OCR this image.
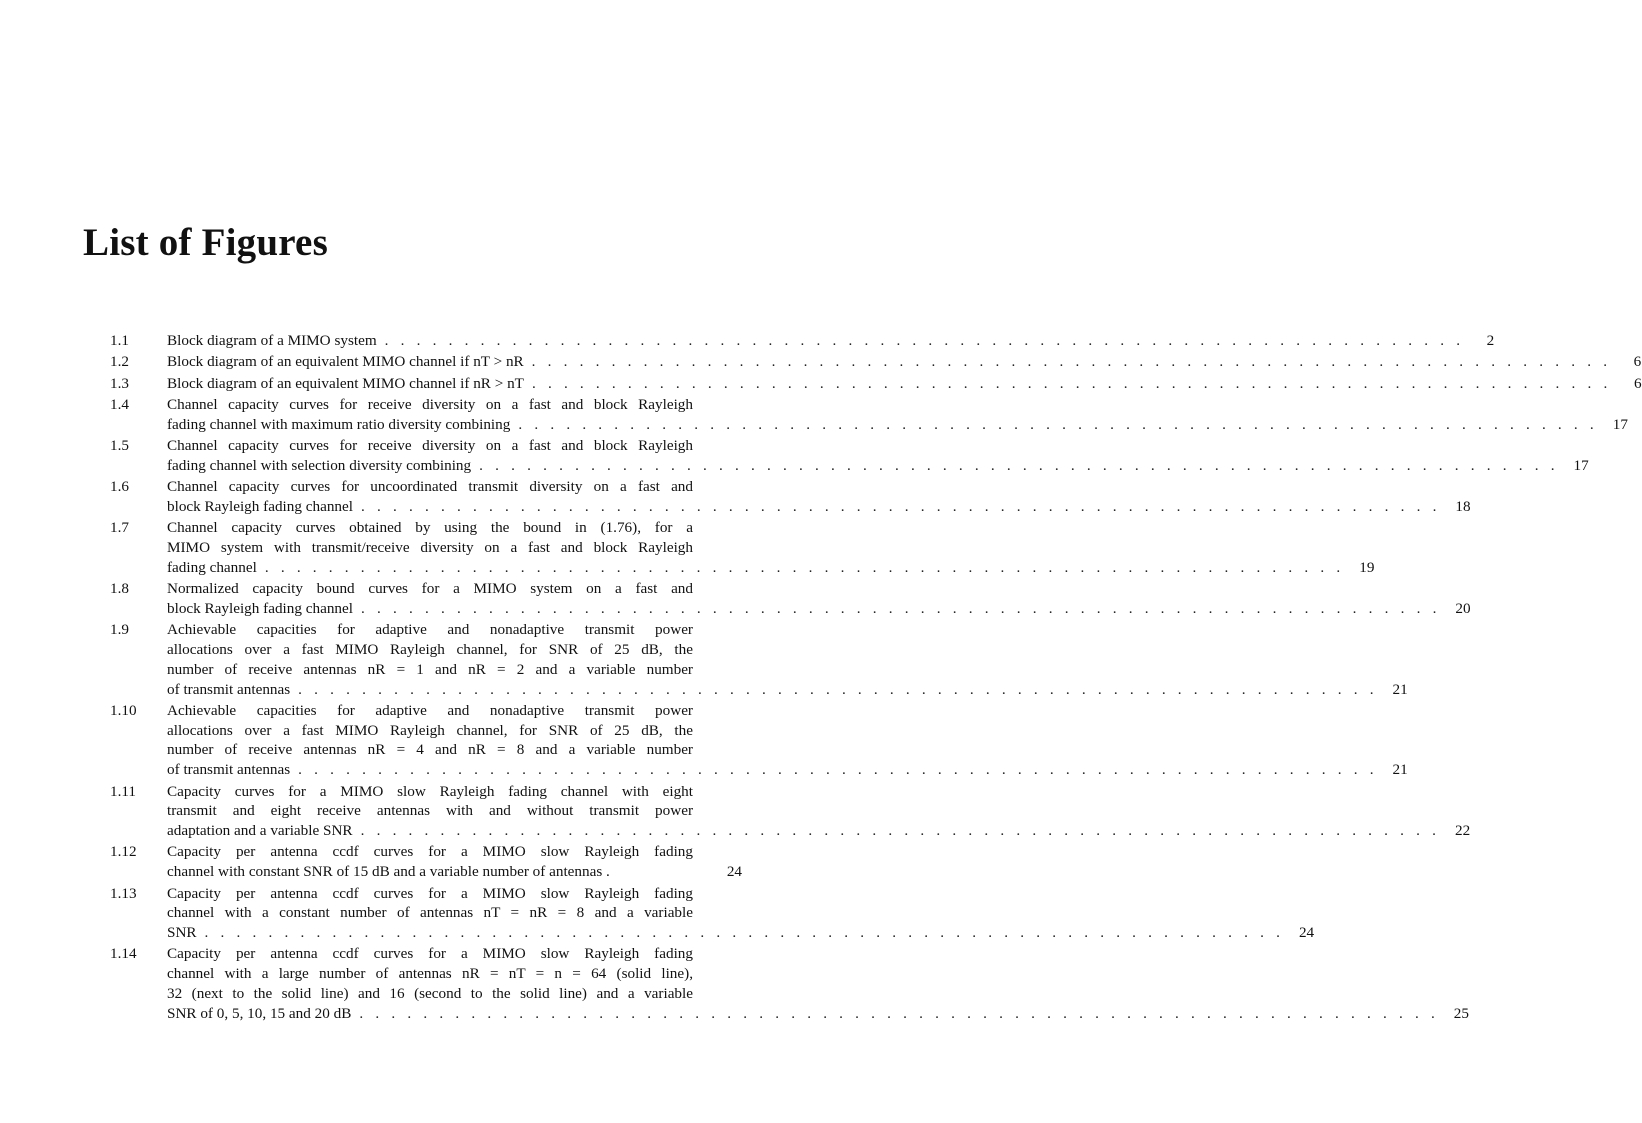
List of Figures
1.1	Block diagram of a MIMO system . . . . . . . . . . . . . . . . . . . . . . . . . . . . . . . . . . . . . . . . . . . . . . . . . . . . . . . . . . . . . . . . . . . .	2
1.2	Block diagram of an equivalent MIMO channel if nT > nR . . . . . . . . . . . . . . . . . . . . . . . . . . . . . . . . . . . . . . . . . . . . . . . . . . . . . . . . . . . . . . . . . . . .	6
1.3	Block diagram of an equivalent MIMO channel if nR > nT . . . . . . . . . . . . . . . . . . . . . . . . . . . . . . . . . . . . . . . . . . . . . . . . . . . . . . . . . . . . . . . . . . . .	6
1.4	Channel capacity curves for receive diversity on a fast and block Rayleigh
fading channel with maximum ratio diversity combining . . . . . . . . . . . . . . . . . . . . . . . . . . . . . . . . . . . . . . . . . . . . . . . . . . . . . . . . . . . . . . . . . . . . 17
1.5	Channel capacity curves for receive diversity on a fast and block Rayleigh
fading channel with selection diversity combining . . . . . . . . . . . . . . . . . . . . . . . . . . . . . . . . . . . . . . . . . . . . . . . . . . . . . . . . . . . . . . . . . . . . 17
1.6	Channel capacity curves for uncoordinated transmit diversity on a fast and
block Rayleigh fading channel . . . . . . . . . . . . . . . . . . . . . . . . . . . . . . . . . . . . . . . . . . . . . . . . . . . . . . . . . . . . . . . . . . . . 18
1.7	Channel capacity curves obtained by using the bound in (1.76), for a
MIMO system with transmit/receive diversity on a fast and block Rayleigh
fading channel . . . . . . . . . . . . . . . . . . . . . . . . . . . . . . . . . . . . . . . . . . . . . . . . . . . . . . . . . . . . . . . . . . . . 19
1.8	Normalized capacity bound curves for a MIMO system on a fast and
block Rayleigh fading channel . . . . . . . . . . . . . . . . . . . . . . . . . . . . . . . . . . . . . . . . . . . . . . . . . . . . . . . . . . . . . . . . . . . . 20
1.9	Achievable capacities for adaptive and nonadaptive transmit power
allocations over a fast MIMO Rayleigh channel, for SNR of 25 dB, the
number of receive antennas nR = 1 and nR = 2 and a variable number
of transmit antennas . . . . . . . . . . . . . . . . . . . . . . . . . . . . . . . . . . . . . . . . . . . . . . . . . . . . . . . . . . . . . . . . . . . . 21
1.10	Achievable capacities for adaptive and nonadaptive transmit power
allocations over a fast MIMO Rayleigh channel, for SNR of 25 dB, the
number of receive antennas nR = 4 and nR = 8 and a variable number
of transmit antennas . . . . . . . . . . . . . . . . . . . . . . . . . . . . . . . . . . . . . . . . . . . . . . . . . . . . . . . . . . . . . . . . . . . . 21
1.11	Capacity curves for a MIMO slow Rayleigh fading channel with eight
transmit and eight receive antennas with and without transmit power
adaptation and a variable SNR . . . . . . . . . . . . . . . . . . . . . . . . . . . . . . . . . . . . . . . . . . . . . . . . . . . . . . . . . . . . . . . . . . . . 22
1.12	Capacity per antenna ccdf curves for a MIMO slow Rayleigh fading
channel with constant SNR of 15 dB and a variable number of antennas .	24
1.13	Capacity per antenna ccdf curves for a MIMO slow Rayleigh fading
channel with a constant number of antennas nT = nR = 8 and a variable
SNR . . . . . . . . . . . . . . . . . . . . . . . . . . . . . . . . . . . . . . . . . . . . . . . . . . . . . . . . . . . . . . . . . . . . 24
1.14	Capacity per antenna ccdf curves for a MIMO slow Rayleigh fading
channel with a large number of antennas nR = nT = n = 64 (solid line),
32 (next to the solid line) and 16 (second to the solid line) and a variable
SNR of 0, 5, 10, 15 and 20 dB . . . . . . . . . . . . . . . . . . . . . . . . . . . . . . . . . . . . . . . . . . . . . . . . . . . . . . . . . . . . . . . . . . . . 25
